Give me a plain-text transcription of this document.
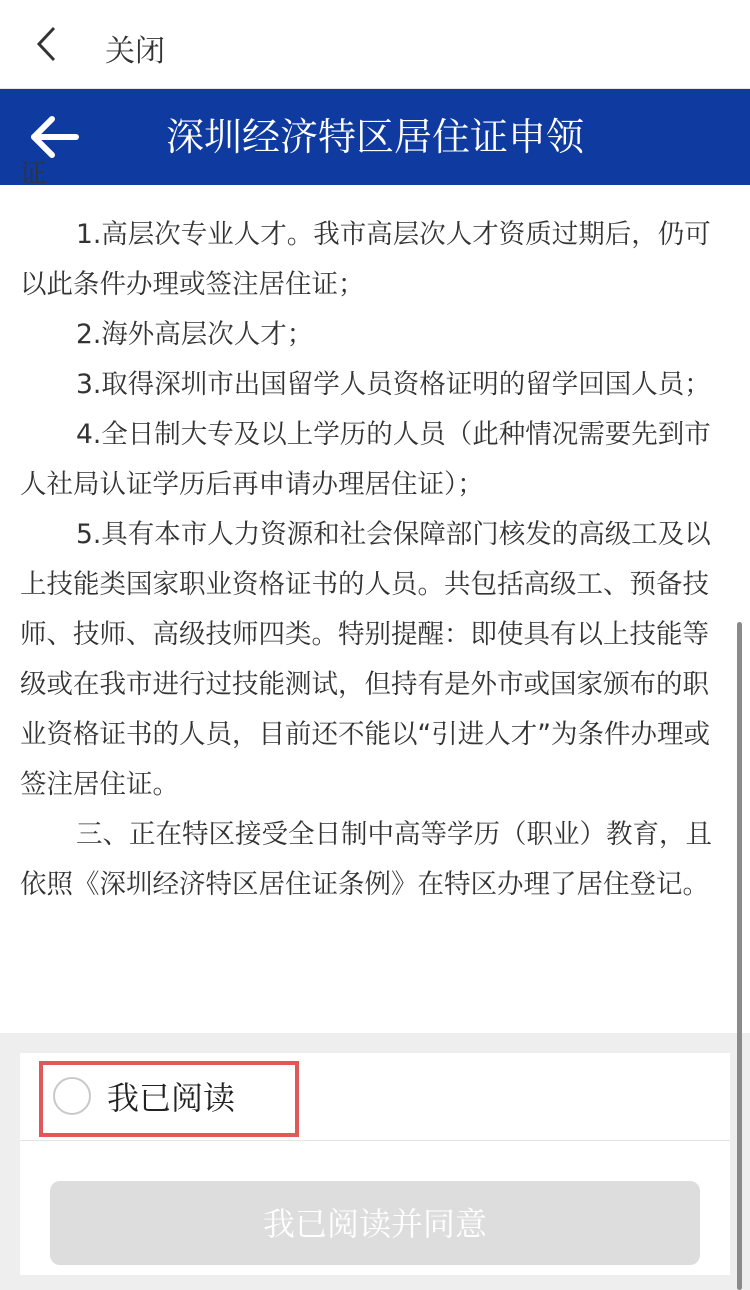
关闭
深圳经济特区居住证申领
证

1.高层次专业人才。我市高层次人才资质过期后，仍可以此条件办理或签注居住证；

2.海外高层次人才；

3.取得深圳市出国留学人员资格证明的留学回国人员；

4.全日制大专及以上学历的人员（此种情况需要先到市人社局认证学历后再申请办理居住证）；

5.具有本市人力资源和社会保障部门核发的高级工及以上技能类国家职业资格证书的人员。共包括高级工、预备技师、技师、高级技师四类。特别提醒：即使具有以上技能等级或在我市进行过技能测试，但持有是外市或国家颁布的职业资格证书的人员，目前还不能以“引进人才”为条件办理或签注居住证。

三、正在特区接受全日制中高等学历（职业）教育，且依照《深圳经济特区居住证条例》在特区办理了居住登记。

我已阅读
我已阅读并同意
